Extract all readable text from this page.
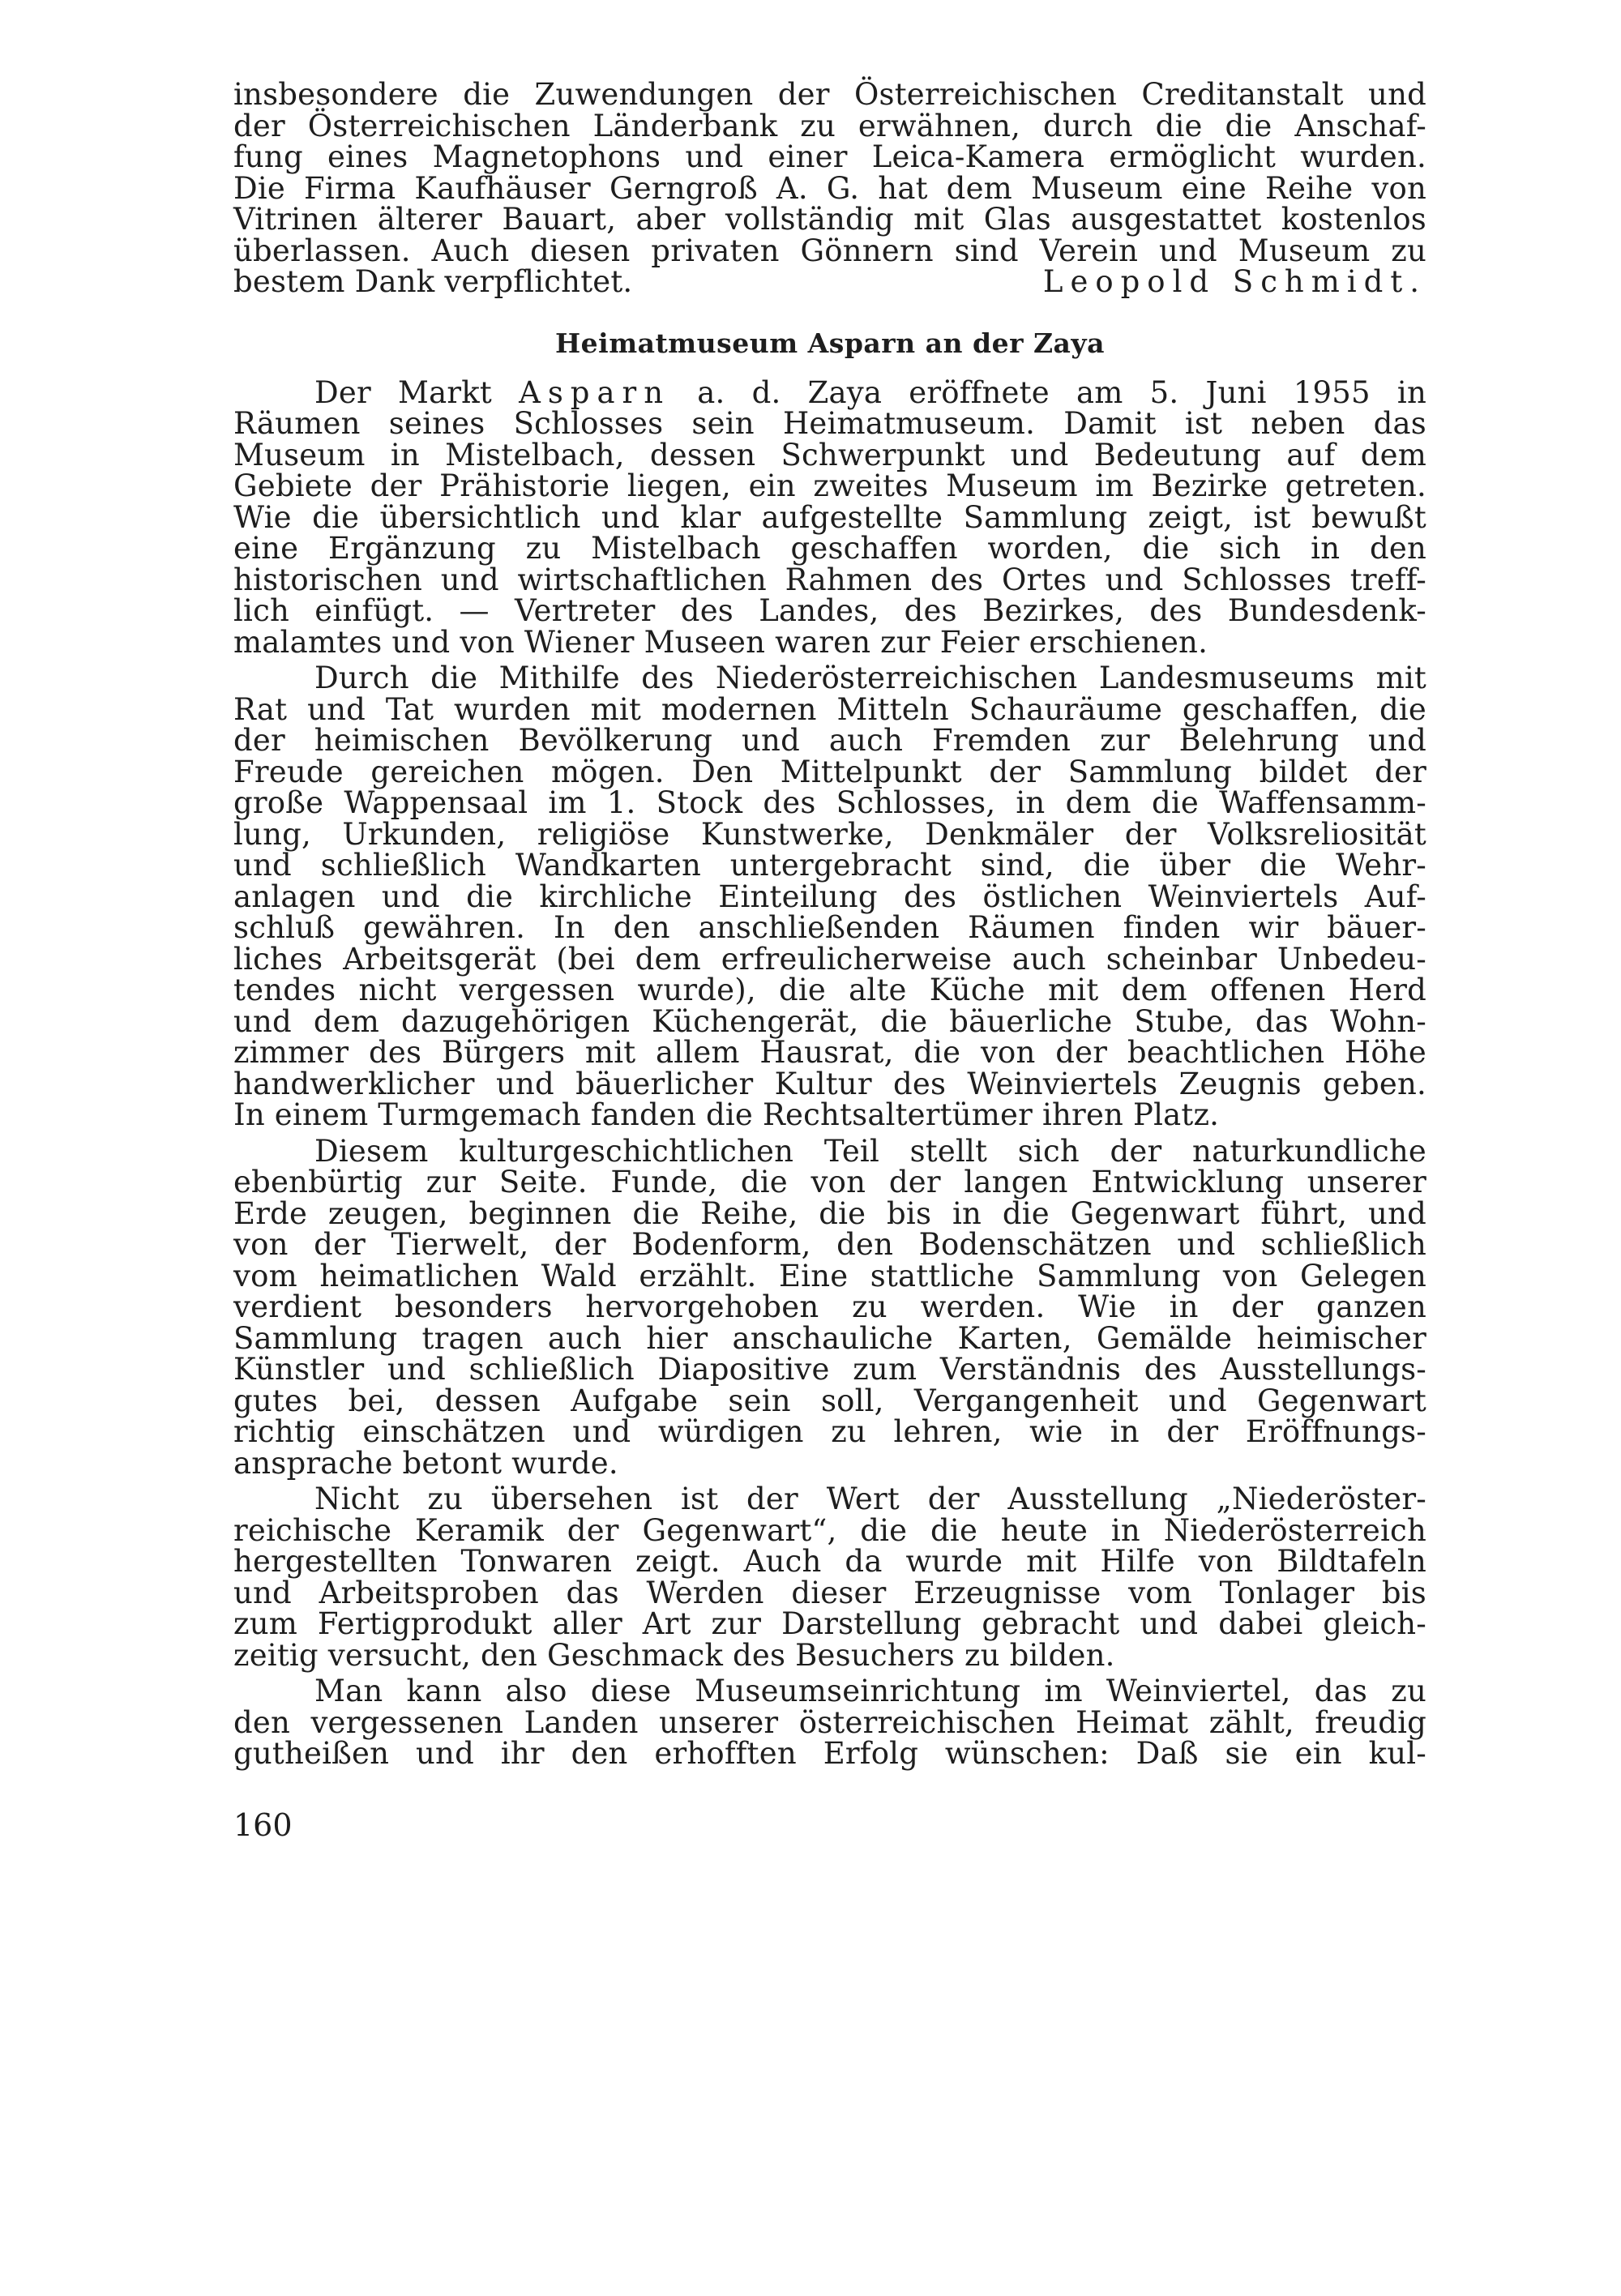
insbesondere die Zuwendungen der Österreichischen Creditanstalt und
der Österreichischen Länderbank zu erwähnen, durch die die Anschaf-
fung eines Magnetophons und einer Leica-Kamera ermöglicht wurden.
Die Firma Kaufhäuser Gerngroß A. G. hat dem Museum eine Reihe von
Vitrinen älterer Bauart, aber vollständig mit Glas ausgestattet kostenlos
überlassen. Auch diesen privaten Gönnern sind Verein und Museum zu
bestem Dank verpflichtet.	Leopold Schmidt.
Heimatmuseum Asparn an der Zaya
Der Markt Asparn a. d. Zaya eröffnete am 5. Juni 1955 in
Räumen seines Schlosses sein Heimatmuseum. Damit ist neben das
Museum in Mistelbach, dessen Schwerpunkt und Bedeutung auf dem
Gebiete der Prähistorie liegen, ein zweites Museum im Bezirke getreten.
Wie die übersichtlich und klar aufgestellte Sammlung zeigt, ist bewußt
eine Ergänzung zu Mistelbach geschaffen worden, die sich in den
historischen und wirtschaftlichen Rahmen des Ortes und Schlosses treff-
lich einfügt. — Vertreter des Landes, des Bezirkes, des Bundesdenk-
malamtes und von Wiener Museen waren zur Feier erschienen.
Durch die Mithilfe des Niederösterreichischen Landesmuseums mit
Rat und Tat wurden mit modernen Mitteln Schauräume geschaffen, die
der heimischen Bevölkerung und auch Fremden zur Belehrung und
Freude gereichen mögen. Den Mittelpunkt der Sammlung bildet der
große Wappensaal im 1. Stock des Schlosses, in dem die Waffensamm-
lung, Urkunden, religiöse Kunstwerke, Denkmäler der Volksreliosität
und schließlich Wandkarten untergebracht sind, die über die Wehr-
anlagen und die kirchliche Einteilung des östlichen Weinviertels Auf-
schluß gewähren. In den anschließenden Räumen finden wir bäuer-
liches Arbeitsgerät (bei dem erfreulicherweise auch scheinbar Unbedeu-
tendes nicht vergessen wurde), die alte Küche mit dem offenen Herd
und dem dazugehörigen Küchengerät, die bäuerliche Stube, das Wohn-
zimmer des Bürgers mit allem Hausrat, die von der beachtlichen Höhe
handwerklicher und bäuerlicher Kultur des Weinviertels Zeugnis geben.
In einem Turmgemach fanden die Rechtsaltertümer ihren Platz.
Diesem kulturgeschichtlichen Teil stellt sich der naturkundliche
ebenbürtig zur Seite. Funde, die von der langen Entwicklung unserer
Erde zeugen, beginnen die Reihe, die bis in die Gegenwart führt, und
von der Tierwelt, der Bodenform, den Bodenschätzen und schließlich
vom heimatlichen Wald erzählt. Eine stattliche Sammlung von Gelegen
verdient besonders hervorgehoben zu werden. Wie in der ganzen
Sammlung tragen auch hier anschauliche Karten, Gemälde heimischer
Künstler und schließlich Diapositive zum Verständnis des Ausstellungs-
gutes bei, dessen Aufgabe sein soll, Vergangenheit und Gegenwart
richtig einschätzen und würdigen zu lehren, wie in der Eröffnungs-
ansprache betont wurde.
Nicht zu übersehen ist der Wert der Ausstellung „Niederöster-
reichische Keramik der Gegenwart“, die die heute in Niederösterreich
hergestellten Tonwaren zeigt. Auch da wurde mit Hilfe von Bildtafeln
und Arbeitsproben das Werden dieser Erzeugnisse vom Tonlager bis
zum Fertigprodukt aller Art zur Darstellung gebracht und dabei gleich-
zeitig versucht, den Geschmack des Besuchers zu bilden.
Man kann also diese Museumseinrichtung im Weinviertel, das zu
den vergessenen Landen unserer österreichischen Heimat zählt, freudig
gutheißen und ihr den erhofften Erfolg wünschen: Daß sie ein kul-
160
